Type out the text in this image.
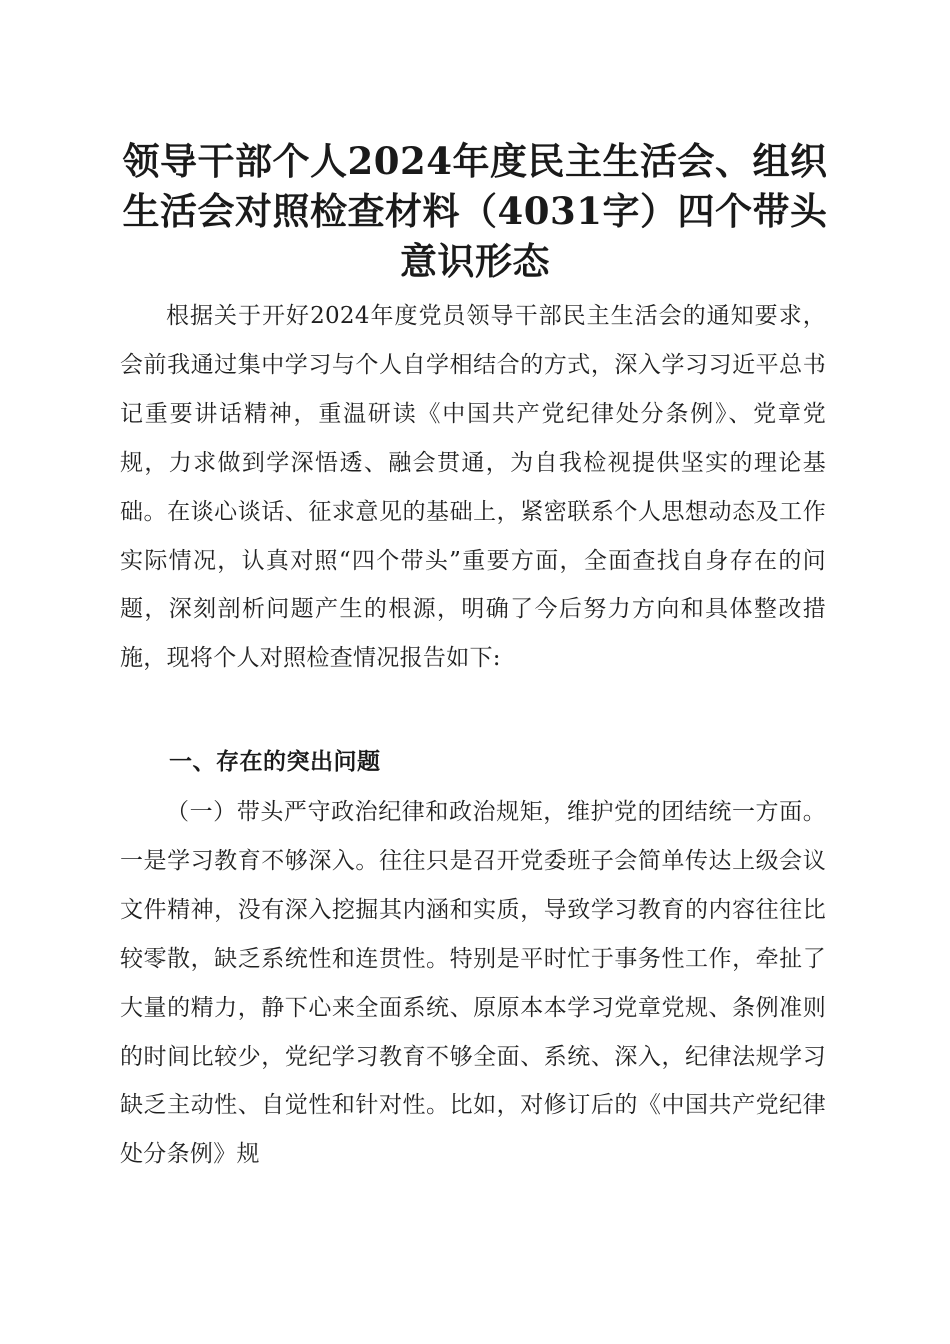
领导干部个人2024年度民主生活会、组织生活会对照检查材料（4031字）四个带头意识形态

根据关于开好2024年度党员领导干部民主生活会的通知要求，会前我通过集中学习与个人自学相结合的方式，深入学习习近平总书记重要讲话精神，重温研读《中国共产党纪律处分条例》、党章党规，力求做到学深悟透、融会贯通，为自我检视提供坚实的理论基础。在谈心谈话、征求意见的基础上，紧密联系个人思想动态及工作实际情况，认真对照“四个带头”重要方面，全面查找自身存在的问题，深刻剖析问题产生的根源，明确了今后努力方向和具体整改措施，现将个人对照检查情况报告如下:

一、存在的突出问题

（一）带头严守政治纪律和政治规矩，维护党的团结统一方面。一是学习教育不够深入。往往只是召开党委班子会简单传达上级会议文件精神，没有深入挖掘其内涵和实质，导致学习教育的内容往往比较零散，缺乏系统性和连贯性。特别是平时忙于事务性工作，牵扯了大量的精力，静下心来全面系统、原原本本学习党章党规、条例准则的时间比较少，党纪学习教育不够全面、系统、深入，纪律法规学习缺乏主动性、自觉性和针对性。比如，对修订后的《中国共产党纪律处分条例》规
